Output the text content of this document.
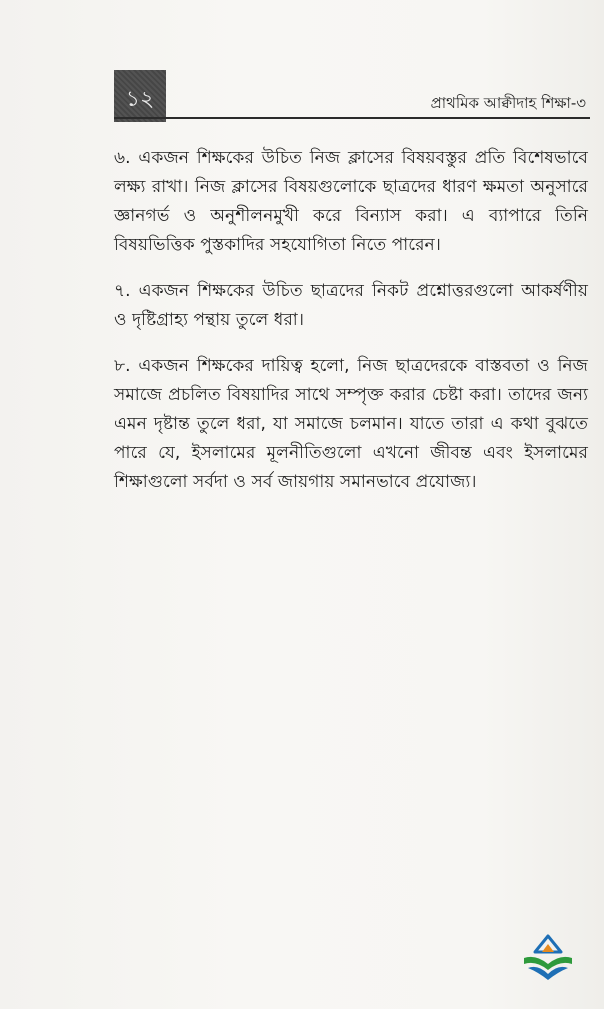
১২	প্রাথমিক আক্বীদাহ শিক্ষা-৩

৬. একজন শিক্ষকের উচিত নিজ ক্লাসের বিষয়বস্তুর প্রতি বিশেষভাবে লক্ষ্য রাখা। নিজ ক্লাসের বিষয়গুলোকে ছাত্রদের ধারণ ক্ষমতা অনুসারে জ্ঞানগর্ভ ও অনুশীলনমুখী করে বিন্যাস করা। এ ব্যাপারে তিনি বিষয়ভিত্তিক পুস্তকাদির সহযোগিতা নিতে পারেন।

৭. একজন শিক্ষকের উচিত ছাত্রদের নিকট প্রশ্নোত্তরগুলো আকর্ষণীয় ও দৃষ্টিগ্রাহ্য পন্থায় তুলে ধরা।

৮. একজন শিক্ষকের দায়িত্ব হলো, নিজ ছাত্রদেরকে বাস্তবতা ও নিজ সমাজে প্রচলিত বিষয়াদির সাথে সম্পৃক্ত করার চেষ্টা করা। তাদের জন্য এমন দৃষ্টান্ত তুলে ধরা, যা সমাজে চলমান। যাতে তারা এ কথা বুঝতে পারে যে, ইসলামের মূলনীতিগুলো এখনো জীবন্ত এবং ইসলামের শিক্ষাগুলো সর্বদা ও সর্ব জায়গায় সমানভাবে প্রযোজ্য।
